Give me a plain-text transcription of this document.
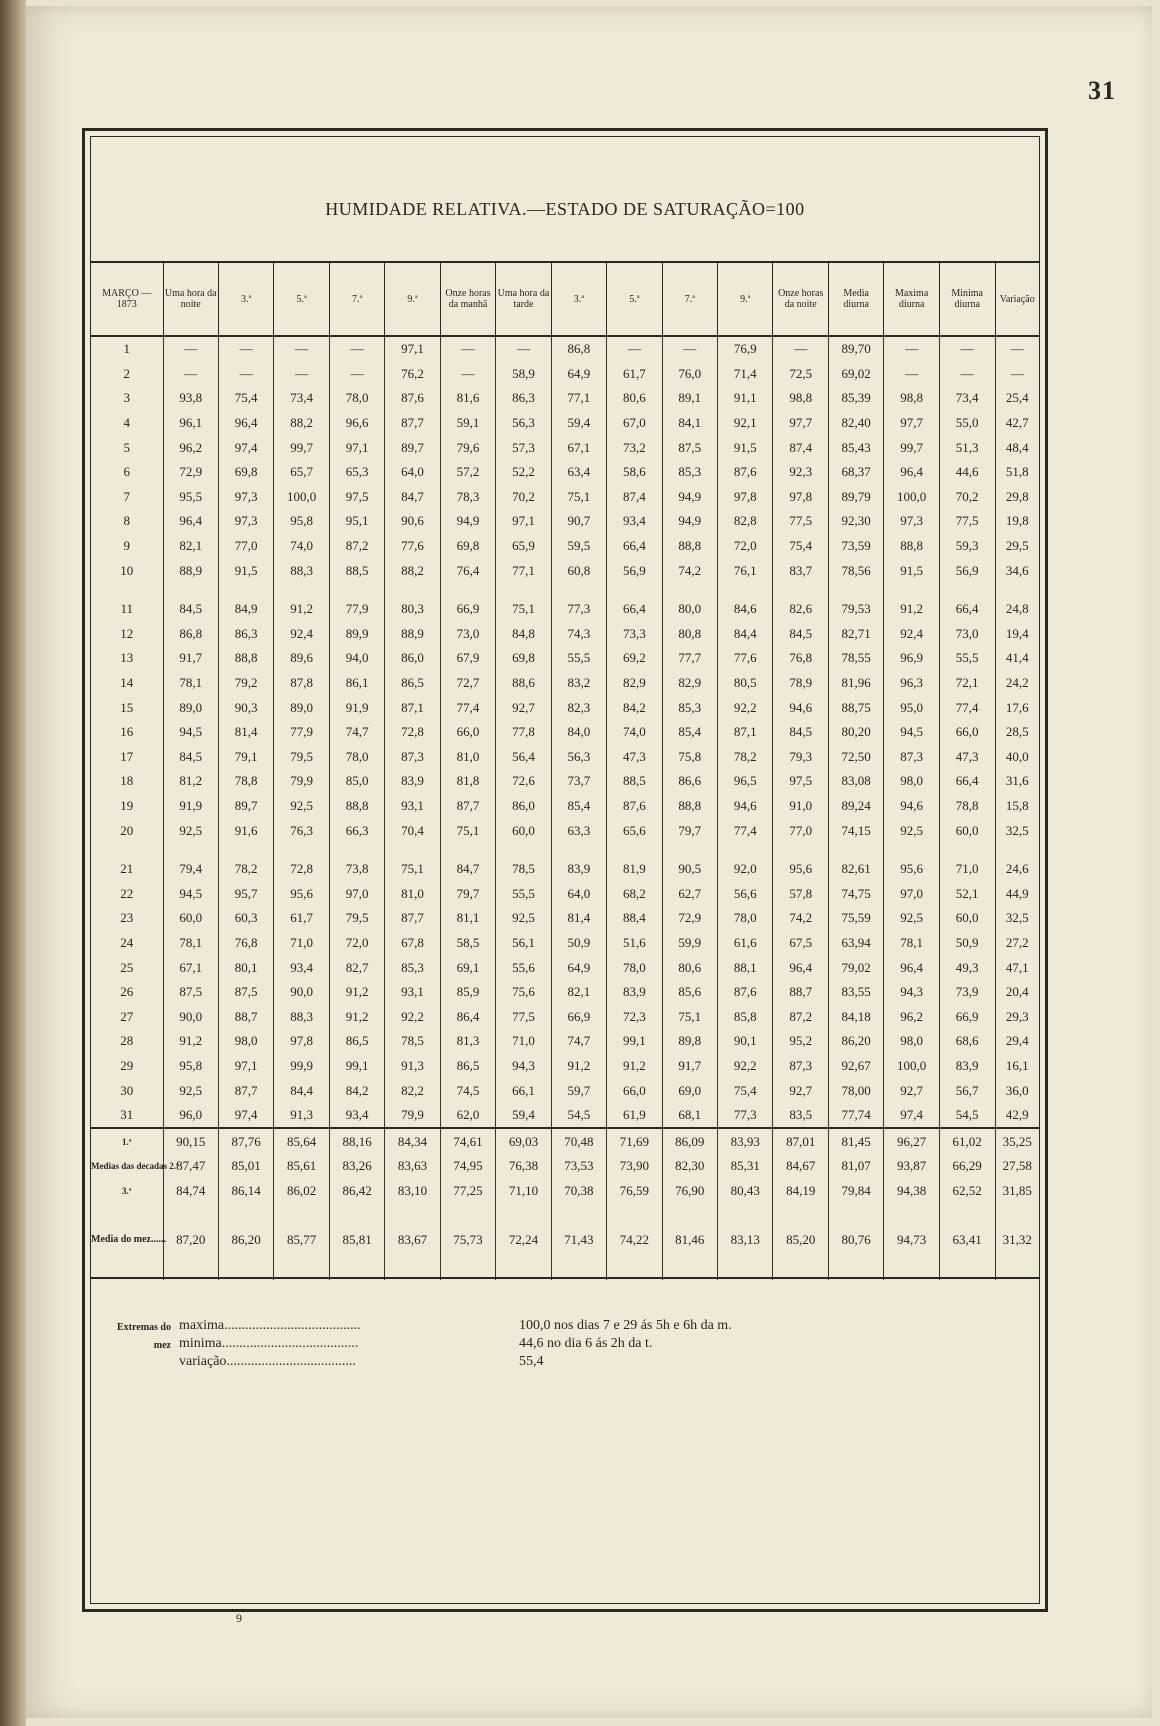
31
HUMIDADE RELATIVA.—ESTADO DE SATURAÇÃO=100
MARÇO — 1873	Uma hora da noite	3.ª	5.ª	7.ª	9.ª	Onze horas da manhã	Uma hora da tarde	3.ª	5.ª	7.ª	9.ª	Onze horas da noite	Media diurna	Maxima diurna	Minima diurna	Variação
1	—	—	—	—	97,1	—	—	86,8	—	—	76,9	—	89,70	—	—	—
2	—	—	—	—	76,2	—	58,9	64,9	61,7	76,0	71,4	72,5	69,02	—	—	—
3	93,8	75,4	73,4	78,0	87,6	81,6	86,3	77,1	80,6	89,1	91,1	98,8	85,39	98,8	73,4	25,4
4	96,1	96,4	88,2	96,6	87,7	59,1	56,3	59,4	67,0	84,1	92,1	97,7	82,40	97,7	55,0	42,7
5	96,2	97,4	99,7	97,1	89,7	79,6	57,3	67,1	73,2	87,5	91,5	87,4	85,43	99,7	51,3	48,4
6	72,9	69,8	65,7	65,3	64,0	57,2	52,2	63,4	58,6	85,3	87,6	92,3	68,37	96,4	44,6	51,8
7	95,5	97,3	100,0	97,5	84,7	78,3	70,2	75,1	87,4	94,9	97,8	97,8	89,79	100,0	70,2	29,8
8	96,4	97,3	95,8	95,1	90,6	94,9	97,1	90,7	93,4	94,9	82,8	77,5	92,30	97,3	77,5	19,8
9	82,1	77,0	74,0	87,2	77,6	69,8	65,9	59,5	66,4	88,8	72,0	75,4	73,59	88,8	59,3	29,5
10	88,9	91,5	88,3	88,5	88,2	76,4	77,1	60,8	56,9	74,2	76,1	83,7	78,56	91,5	56,9	34,6

11	84,5	84,9	91,2	77,9	80,3	66,9	75,1	77,3	66,4	80,0	84,6	82,6	79,53	91,2	66,4	24,8
12	86,8	86,3	92,4	89,9	88,9	73,0	84,8	74,3	73,3	80,8	84,4	84,5	82,71	92,4	73,0	19,4
13	91,7	88,8	89,6	94,0	86,0	67,9	69,8	55,5	69,2	77,7	77,6	76,8	78,55	96,9	55,5	41,4
14	78,1	79,2	87,8	86,1	86,5	72,7	88,6	83,2	82,9	82,9	80,5	78,9	81,96	96,3	72,1	24,2
15	89,0	90,3	89,0	91,9	87,1	77,4	92,7	82,3	84,2	85,3	92,2	94,6	88,75	95,0	77,4	17,6
16	94,5	81,4	77,9	74,7	72,8	66,0	77,8	84,0	74,0	85,4	87,1	84,5	80,20	94,5	66,0	28,5
17	84,5	79,1	79,5	78,0	87,3	81,0	56,4	56,3	47,3	75,8	78,2	79,3	72,50	87,3	47,3	40,0
18	81,2	78,8	79,9	85,0	83,9	81,8	72,6	73,7	88,5	86,6	96,5	97,5	83,08	98,0	66,4	31,6
19	91,9	89,7	92,5	88,8	93,1	87,7	86,0	85,4	87,6	88,8	94,6	91,0	89,24	94,6	78,8	15,8
20	92,5	91,6	76,3	66,3	70,4	75,1	60,0	63,3	65,6	79,7	77,4	77,0	74,15	92,5	60,0	32,5

21	79,4	78,2	72,8	73,8	75,1	84,7	78,5	83,9	81,9	90,5	92,0	95,6	82,61	95,6	71,0	24,6
22	94,5	95,7	95,6	97,0	81,0	79,7	55,5	64,0	68,2	62,7	56,6	57,8	74,75	97,0	52,1	44,9
23	60,0	60,3	61,7	79,5	87,7	81,1	92,5	81,4	88,4	72,9	78,0	74,2	75,59	92,5	60,0	32,5
24	78,1	76,8	71,0	72,0	67,8	58,5	56,1	50,9	51,6	59,9	61,6	67,5	63,94	78,1	50,9	27,2
25	67,1	80,1	93,4	82,7	85,3	69,1	55,6	64,9	78,0	80,6	88,1	96,4	79,02	96,4	49,3	47,1
26	87,5	87,5	90,0	91,2	93,1	85,9	75,6	82,1	83,9	85,6	87,6	88,7	83,55	94,3	73,9	20,4
27	90,0	88,7	88,3	91,2	92,2	86,4	77,5	66,9	72,3	75,1	85,8	87,2	84,18	96,2	66,9	29,3
28	91,2	98,0	97,8	86,5	78,5	81,3	71,0	74,7	99,1	89,8	90,1	95,2	86,20	98,0	68,6	29,4
29	95,8	97,1	99,9	99,1	91,3	86,5	94,3	91,2	91,2	91,7	92,2	87,3	92,67	100,0	83,9	16,1
30	92,5	87,7	84,4	84,2	82,2	74,5	66,1	59,7	66,0	69,0	75,4	92,7	78,00	92,7	56,7	36,0
31	96,0	97,4	91,3	93,4	79,9	62,0	59,4	54,5	61,9	68,1	77,3	83,5	77,74	97,4	54,5	42,9
1.ª	90,15	87,76	85,64	88,16	84,34	74,61	69,03	70,48	71,69	86,09	83,93	87,01	81,45	96,27	61,02	35,25
Medias das decadas 2.ª	87,47	85,01	85,61	83,26	83,63	74,95	76,38	73,53	73,90	82,30	85,31	84,67	81,07	93,87	66,29	27,58
3.ª	84,74	86,14	86,02	86,42	83,10	77,25	71,10	70,38	76,59	76,90	80,43	84,19	79,84	94,38	62,52	31,85
Media do mez......	87,20	86,20	85,77	85,81	83,67	75,73	72,24	71,43	74,22	81,46	83,13	85,20	80,76	94,73	63,41	31,32

Extremas do mez
maxima.......................................	100,0 nos dias 7 e 29 ás 5h e 6h da m.
minima.......................................	44,6 no dia 6 ás 2h da t.
variação.....................................	55,4
9
